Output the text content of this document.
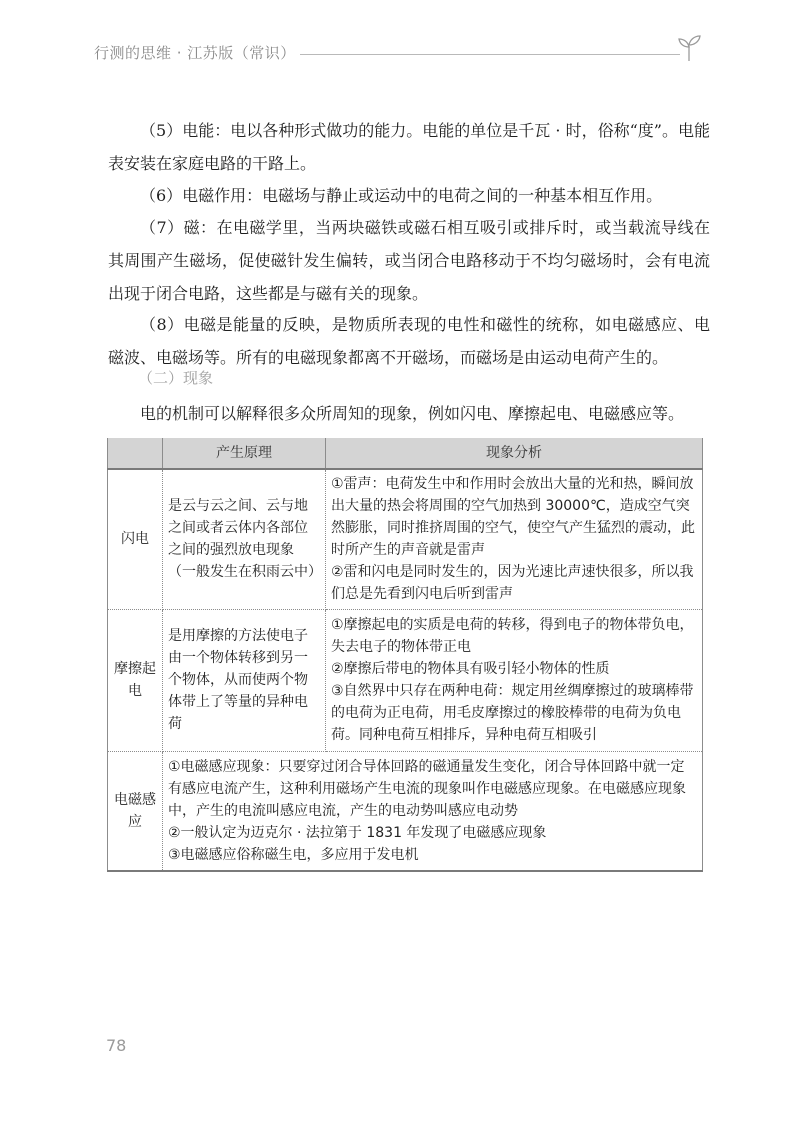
行测的思维 · 江苏版（常识）

（5）电能：电以各种形式做功的能力。电能的单位是千瓦 · 时，俗称“度”。电能表安装在家庭电路的干路上。

（6）电磁作用：电磁场与静止或运动中的电荷之间的一种基本相互作用。

（7）磁：在电磁学里，当两块磁铁或磁石相互吸引或排斥时，或当载流导线在其周围产生磁场，促使磁针发生偏转，或当闭合电路移动于不均匀磁场时，会有电流出现于闭合电路，这些都是与磁有关的现象。

（8）电磁是能量的反映，是物质所表现的电性和磁性的统称，如电磁感应、电磁波、电磁场等。所有的电磁现象都离不开磁场，而磁场是由运动电荷产生的。

（二）现象

电的机制可以解释很多众所周知的现象，例如闪电、摩擦起电、电磁感应等。

	产生原理	现象分析
闪电	是云与云之间、云与地之间或者云体内各部位之间的强烈放电现象（一般发生在积雨云中）	①雷声：电荷发生中和作用时会放出大量的光和热，瞬间放出大量的热会将周围的空气加热到 30000℃，造成空气突然膨胀，同时推挤周围的空气，使空气产生猛烈的震动，此时所产生的声音就是雷声
②雷和闪电是同时发生的，因为光速比声速快很多，所以我们总是先看到闪电后听到雷声

摩擦起电	是用摩擦的方法使电子由一个物体转移到另一个物体，从而使两个物体带上了等量的异种电荷	①摩擦起电的实质是电荷的转移，得到电子的物体带负电，失去电子的物体带正电
②摩擦后带电的物体具有吸引轻小物体的性质
③自然界中只存在两种电荷：规定用丝绸摩擦过的玻璃棒带的电荷为正电荷，用毛皮摩擦过的橡胶棒带的电荷为负电荷。同种电荷互相排斥，异种电荷互相吸引

电磁感应	①电磁感应现象：只要穿过闭合导体回路的磁通量发生变化，闭合导体回路中就一定有感应电流产生，这种利用磁场产生电流的现象叫作电磁感应现象。在电磁感应现象中，产生的电流叫感应电流，产生的电动势叫感应电动势
②一般认定为迈克尔 · 法拉第于 1831 年发现了电磁感应现象
③电磁感应俗称磁生电，多应用于发电机	
78
